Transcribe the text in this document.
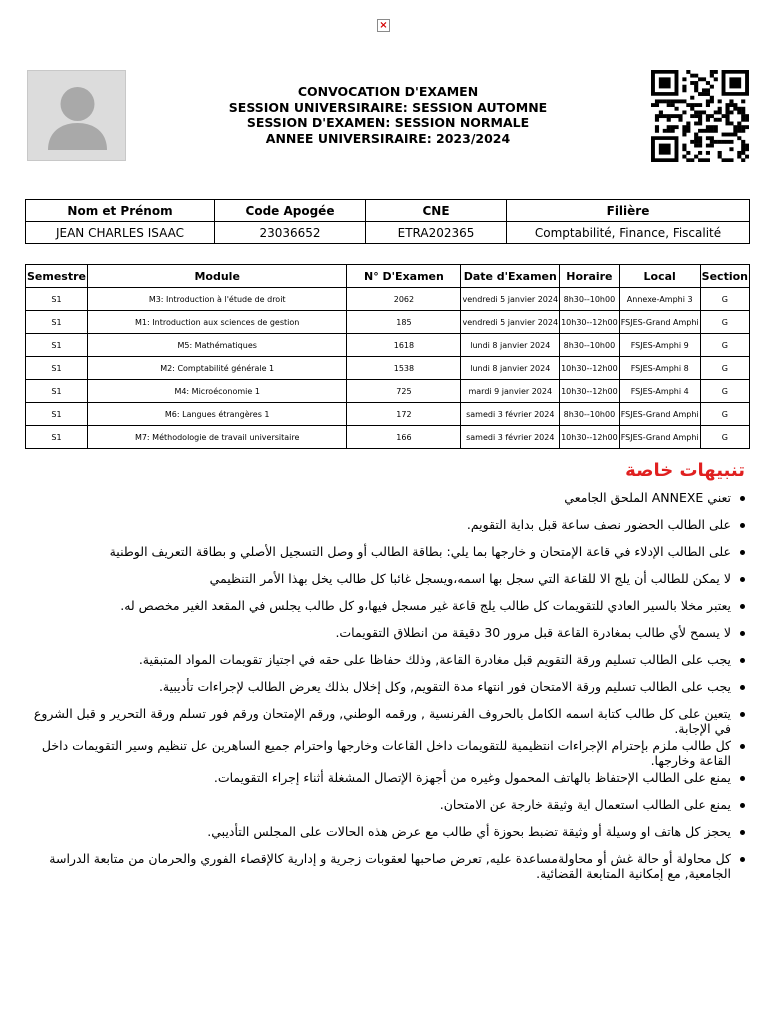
×
CONVOCATION D'EXAMEN
SESSION UNIVERSIRAIRE: SESSION AUTOMNE
SESSION D'EXAMEN: SESSION NORMALE
ANNEE UNIVERSIRAIRE: 2023/2024
Nom et Prénom	Code Apogée	CNE	Filière
JEAN CHARLES ISAAC	23036652	ETRA202365	Comptabilité, Finance, Fiscalité
Semestre	Module	N° D'Examen	Date d'Examen	Horaire	Local	Section
S1	M3: Introduction à l'étude de droit	2062	vendredi 5 janvier 2024	8h30--10h00	Annexe-Amphi 3	G
S1	M1: Introduction aux sciences de gestion	185	vendredi 5 janvier 2024	10h30--12h00	FSJES-Grand Amphi	G
S1	M5: Mathématiques	1618	lundi 8 janvier 2024	8h30--10h00	FSJES-Amphi 9	G
S1	M2: Comptabilité générale 1	1538	lundi 8 janvier 2024	10h30--12h00	FSJES-Amphi 8	G
S1	M4: Microéconomie 1	725	mardi 9 janvier 2024	10h30--12h00	FSJES-Amphi 4	G
S1	M6: Langues étrangères 1	172	samedi 3 février 2024	8h30--10h00	FSJES-Grand Amphi	G
S1	M7: Méthodologie de travail universitaire	166	samedi 3 février 2024	10h30--12h00	FSJES-Grand Amphi	G
تنبيهات خاصة
تعني ANNEXE الملحق الجامعي
على الطالب الحضور نصف ساعة قبل بداية التقويم.
على الطالب الإدلاء في قاعة الإمتحان و خارجها بما يلي: بطاقة الطالب أو وصل التسجيل الأصلي و بطاقة التعريف الوطنية
لا يمكن للطالب أن يلج الا للقاعة التي سجل بها اسمه،ويسجل غائبا كل طالب يخل بهذا الأمر التنظيمي
يعتبر مخلا بالسير العادي للتقويمات كل طالب يلج قاعة غير مسجل فيها،و كل طالب يجلس في المقعد الغير مخصص له.
لا يسمح لأي طالب بمغادرة القاعة قبل مرور 30 دقيقة من انطلاق التقويمات.
يجب على الطالب تسليم ورقة التقويم قبل مغادرة القاعة, وذلك حفاظا على حقه في اجتياز تقويمات المواد المتبقية.
يجب على الطالب تسليم ورقة الامتحان فور انتهاء مدة التقويم, وكل إخلال بذلك يعرض الطالب لإجراءات تأديبية.
يتعين على كل طالب كتابة اسمه الكامل بالحروف الفرنسية , ورقمه الوطني, ورقم الإمتحان ورقم فور تسلم ورقة التحرير و قبل الشروع في الإجابة.
كل طالب ملزم بإحترام الإجراءات انتظيمية للتقويمات داخل القاعات وخارجها واحترام جميع الساهرين عل تنظيم وسير التقويمات داخل القاعة وخارجها.
يمنع على الطالب الإحتفاظ بالهاتف المحمول وغيره من أجهزة الإتصال المشغلة أثناء إجراء التقويمات.
يمنع على الطالب استعمال اية وثيقة خارجة عن الامتحان.
يحجز كل هاتف او وسيلة أو وثيقة تضبط بحوزة أي طالب مع عرض هذه الحالات على المجلس التأديبي.
كل محاولة أو حالة غش أو محاولةمساعدة عليه, تعرض صاحبها لعقوبات زجرية و إدارية كالإقصاء الفوري والحرمان من متابعة الدراسة الجامعية, مع إمكانية المتابعة القضائية.
